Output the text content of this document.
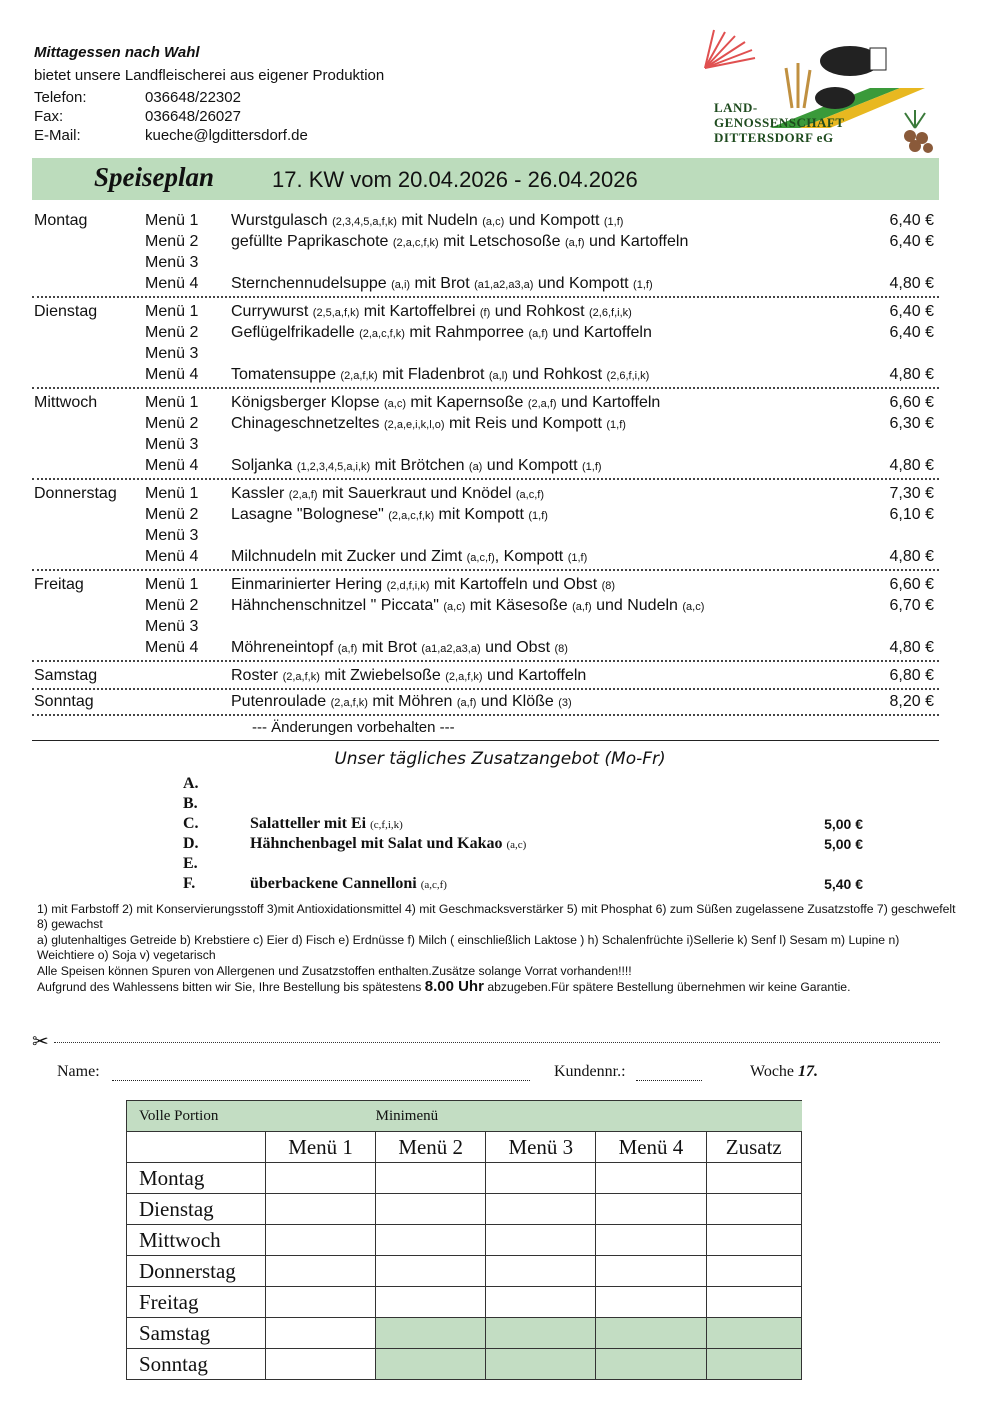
Mittagessen nach Wahl
bietet unsere Landfleischerei aus eigener Produktion
Telefon:	036648/22302
Fax:	036648/26027
E-Mail:	kueche@lgdittersdorf.de
LAND-
GENOSSENSCHAFT
DITTERSDORF eG
Speiseplan	17. KW vom 20.04.2026 - 26.04.2026
Montag	Menü 1 Wurstgulasch (2,3,4,5,a,f,k) mit Nudeln (a,c) und Kompott (1,f)	6,40 €
Menü 2 gefüllte Paprikaschote (2,a,c,f,k) mit Letschosoße (a,f) und Kartoffeln	6,40 €
Menü 3
Menü 4 Sternchennudelsuppe (a,i) mit Brot (a1,a2,a3,a) und Kompott (1,f)	4,80 €
Dienstag	Menü 1 Currywurst (2,5,a,f,k) mit Kartoffelbrei (f) und Rohkost (2,6,f,i,k)	6,40 €
Menü 2 Geflügelfrikadelle (2,a,c,f,k) mit Rahmporree (a,f) und Kartoffeln	6,40 €
Menü 3
Menü 4 Tomatensuppe (2,a,f,k) mit Fladenbrot (a,l) und Rohkost (2,6,f,i,k)	4,80 €
Mittwoch	Menü 1 Königsberger Klopse (a,c) mit Kapernsoße (2,a,f) und Kartoffeln	6,60 €
Menü 2 Chinageschnetzeltes (2,a,e,i,k,l,o) mit Reis und Kompott (1,f)	6,30 €
Menü 3
Menü 4 Soljanka (1,2,3,4,5,a,i,k) mit Brötchen (a) und Kompott (1,f)	4,80 €
Donnerstag Menü 1 Kassler (2,a,f) mit Sauerkraut und Knödel (a,c,f)	7,30 €
Menü 2 Lasagne "Bolognese" (2,a,c,f,k) mit Kompott (1,f)	6,10 €
Menü 3
Menü 4 Milchnudeln mit Zucker und Zimt (a,c,f), Kompott (1,f)	4,80 €
Freitag	Menü 1 Einmarinierter Hering (2,d,f,i,k) mit Kartoffeln und Obst (8)	6,60 €
Menü 2 Hähnchenschnitzel " Piccata" (a,c) mit Käsesoße (a,f) und Nudeln (a,c)	6,70 €
Menü 3
Menü 4 Möhreneintopf (a,f) mit Brot (a1,a2,a3,a) und Obst (8)	4,80 €
Samstag	Roster (2,a,f,k) mit Zwiebelsoße (2,a,f,k) und Kartoffeln	6,80 €
Sonntag	Putenroulade (2,a,f,k) mit Möhren (a,f) und Klöße (3)	8,20 €
--- Änderungen vorbehalten ---
Unser tägliches Zusatzangebot (Mo-Fr)
A.
B.
C.	Salatteller mit Ei (c,f,i,k)	5,00 €
D.	Hähnchenbagel mit Salat und Kakao (a,c)	5,00 €
E.
F.	überbackene Cannelloni (a,c,f)	5,40 €
1) mit Farbstoff 2) mit Konservierungsstoff 3)mit Antioxidationsmittel 4) mit Geschmacksverstärker 5) mit Phosphat 6) zum Süßen zugelassene Zusatzstoffe 7) geschwefelt 8) gewachst
a) glutenhaltiges Getreide b) Krebstiere c) Eier d) Fisch e) Erdnüsse f) Milch ( einschließlich Laktose ) h) Schalenfrüchte i)Sellerie k) Senf l) Sesam m) Lupine n) Weichtiere o) Soja v) vegetarisch
Alle Speisen können Spuren von Allergenen und Zusatzstoffen enthalten.Zusätze solange Vorrat vorhanden!!!!
Aufgrund des Wahlessens bitten wir Sie, Ihre Bestellung bis spätestens 8.00 Uhr abzugeben.Für spätere Bestellung übernehmen wir keine Garantie.
✂
Name:	Kundennr.:	Woche 17.
Volle Portion		Minimenü			
	Menü 1	Menü 2	Menü 3	Menü 4	Zusatz
Montag					
Dienstag					
Mittwoch					
Donnerstag					
Freitag					
Samstag					
Sonntag					
